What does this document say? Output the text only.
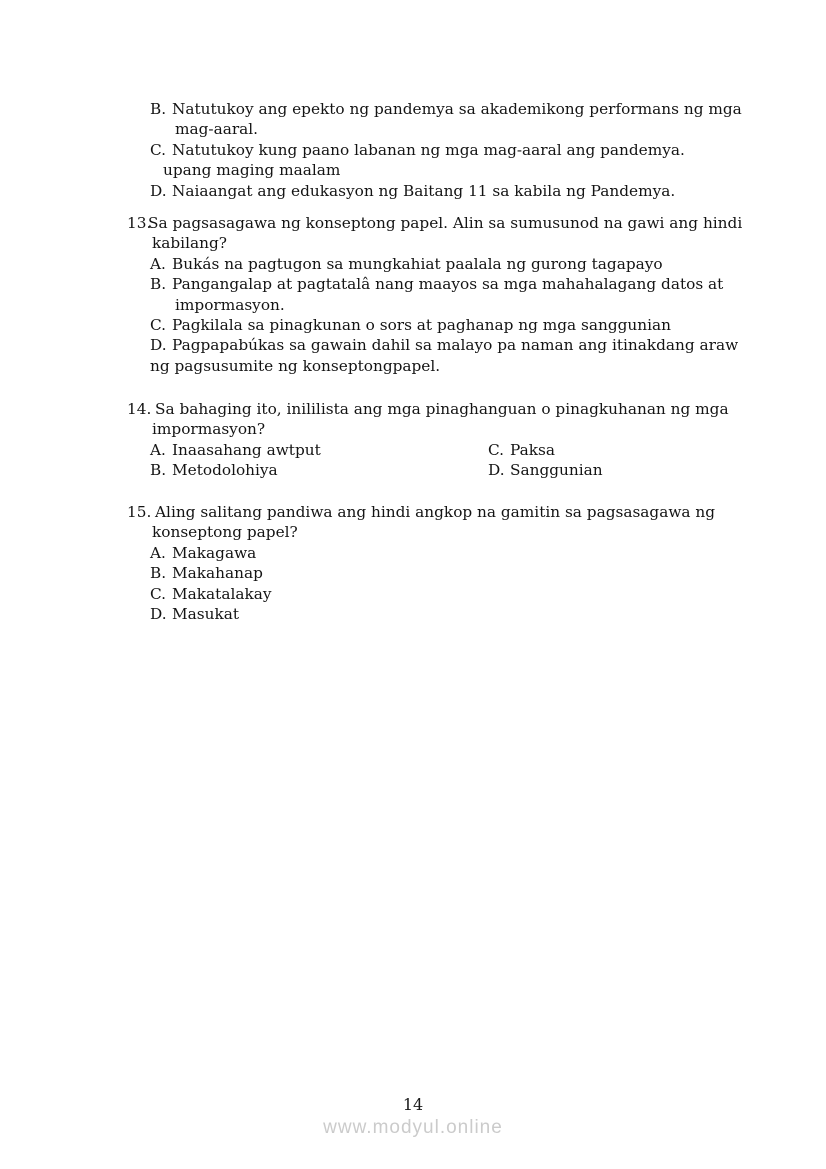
B. Natutukoy ang epekto ng pandemya sa akademikong performans ng mga
mag-aaral.
C. Natutukoy kung paano labanan ng mga mag-aaral ang pandemya.
upang maging maalam
D. Naiaangat ang edukasyon ng Baitang 11 sa kabila ng Pandemya.
13.Sa pagsasagawa ng konseptong papel. Alin sa sumusunod na gawi ang hindi
kabilang?
A. Bukás na pagtugon sa mungkahiat paalala ng gurong tagapayo
B. Pangangalap at pagtatalâ nang maayos sa mga mahahalagang datos at
impormasyon.
C. Pagkilala sa pinagkunan o sors at paghanap ng mga sanggunian
D. Pagpapabúkas sa gawain dahil sa malayo pa naman ang itinakdang araw
ng pagsusumite ng konseptongpapel.
14. Sa bahaging ito, inililista ang mga pinaghanguan o pinagkuhanan ng mga
impormasyon?
A. Inaasahang awtput	C. Paksa
B. Metodolohiya	D. Sanggunian
15. Aling salitang pandiwa ang hindi angkop na gamitin sa pagsasagawa ng
konseptong papel?
A. Makagawa
B. Makahanap
C. Makatalakay
D. Masukat
14
www.modyul.online
